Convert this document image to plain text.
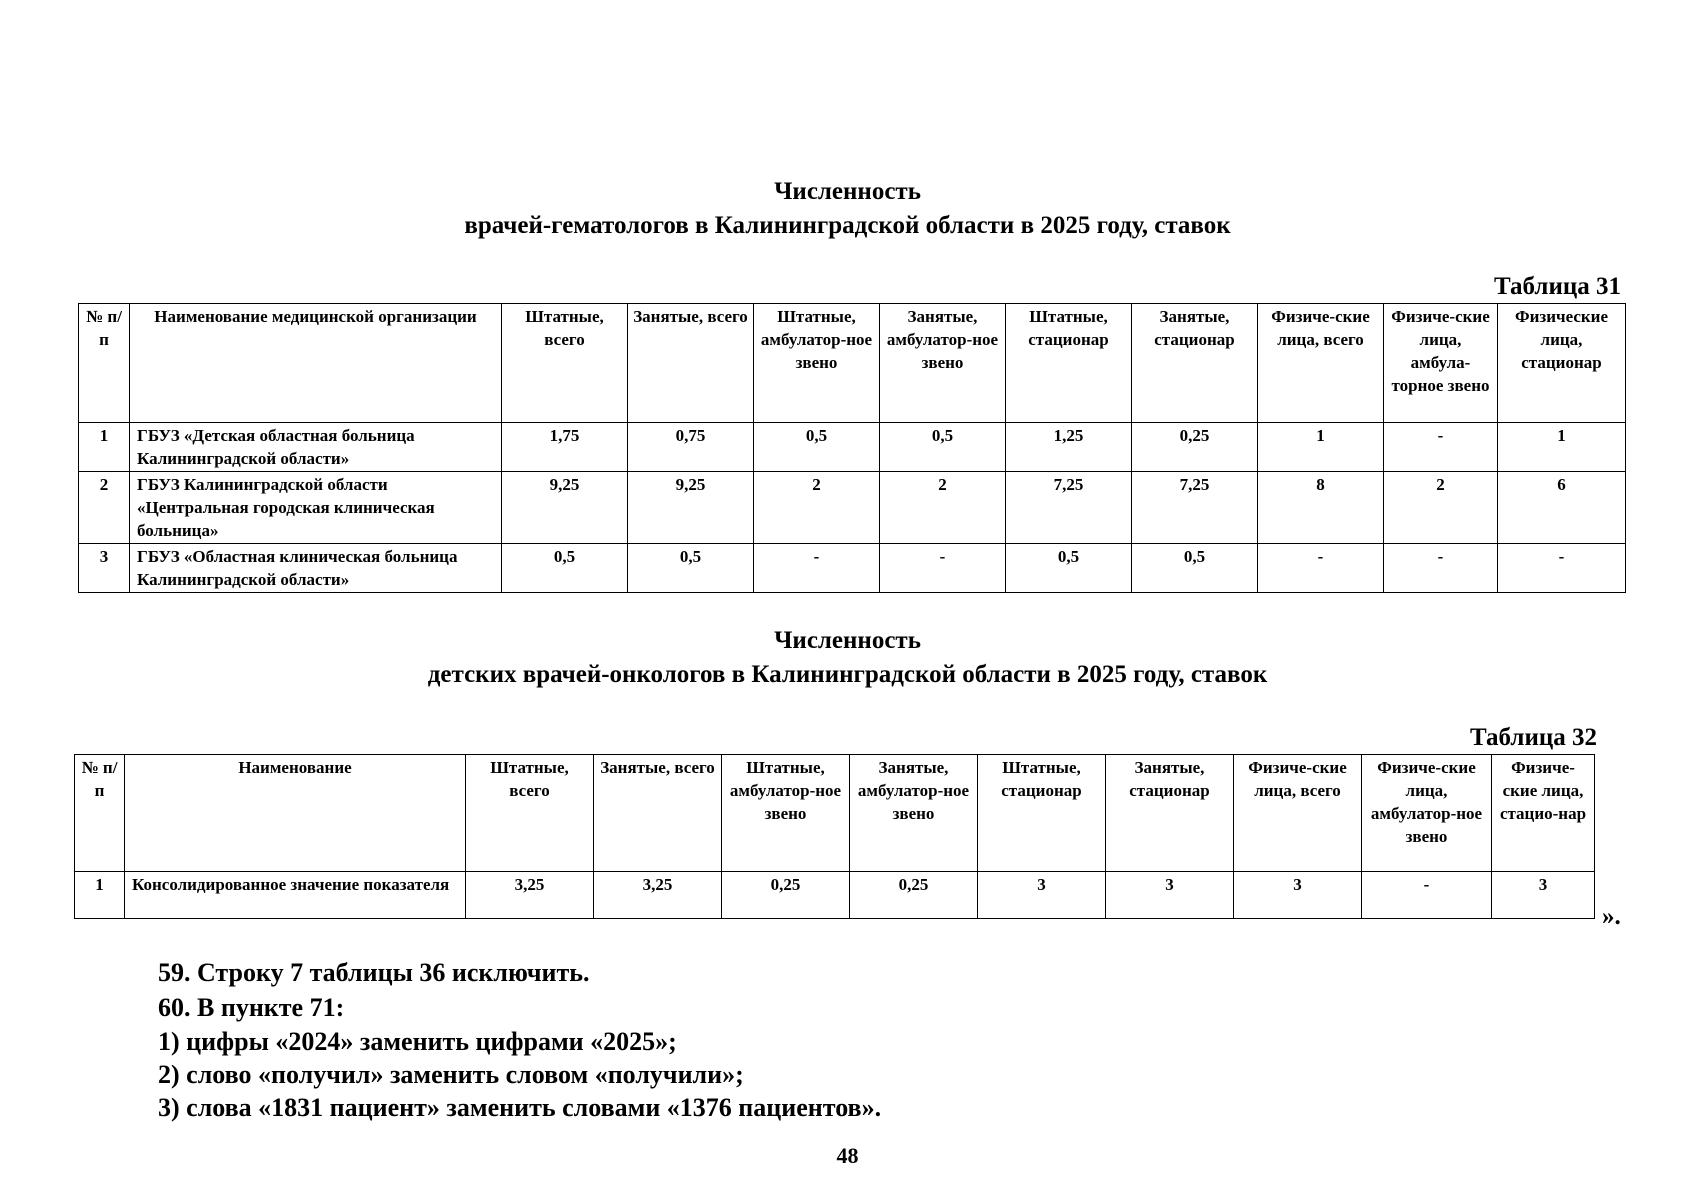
Численность
врачей-гематологов в Калининградской области в 2025 году, ставок
Таблица 31
№ п/п	Наименование медицинской организации	Штатные, всего	Занятые, всего	Штатные, амбулатор-ное звено	Занятые, амбулатор-ное звено	Штатные, стационар	Занятые, стационар	Физиче-ские лица, всего	Физиче-ские лица, амбула-торное звено	Физические лица, стационар
1	ГБУЗ «Детская областная больница Калининградской области»	1,75	0,75	0,5	0,5	1,25	0,25	1	-	1
2	ГБУЗ Калининградской области «Центральная городская клиническая больница»	9,25	9,25	2	2	7,25	7,25	8	2	6
3	ГБУЗ «Областная клиническая больница Калининградской области»	0,5	0,5	-	-	0,5	0,5	-	-	-
Численность
детских врачей-онкологов в Калининградской области в 2025 году, ставок
Таблица 32
№ п/п	Наименование	Штатные, всего	Занятые, всего	Штатные, амбулатор-ное звено	Занятые, амбулатор-ное звено	Штатные, стационар	Занятые, стационар	Физиче-ские лица, всего	Физиче-ские лица, амбулатор-ное звено	Физиче-ские лица, стацио-нар
1	Консолидированное значение показателя	3,25	3,25	0,25	0,25	3	3	3	-	3
».
59. Строку 7 таблицы 36 исключить.
60. В пункте 71:
1) цифры «2024» заменить цифрами «2025»;
2) слово «получил» заменить словом «получили»;
3) слова «1831 пациент» заменить словами «1376 пациентов».
48
